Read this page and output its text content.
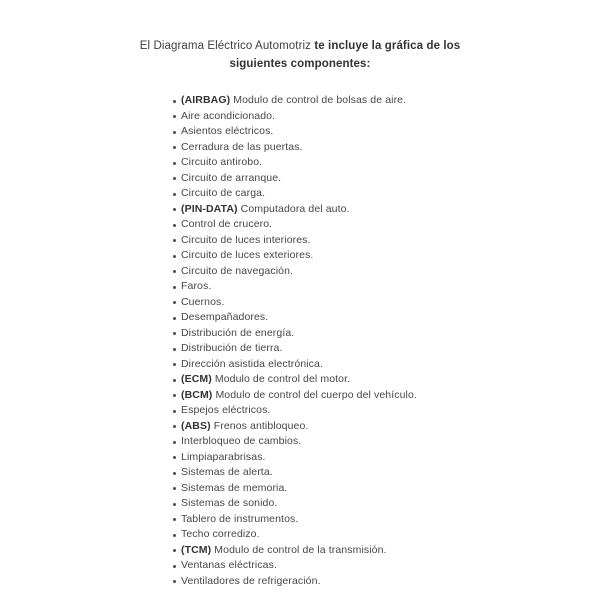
El Diagrama Eléctrico Automotriz te incluye la gráfica de los siguientes componentes:

(AIRBAG) Modulo de control de bolsas de aire.
Aire acondicionado.
Asientos eléctricos.
Cerradura de las puertas.
Circuito antirobo.
Circuito de arranque.
Circuito de carga.
(PIN-DATA) Computadora del auto.
Control de crucero.
Circuito de luces interiores.
Circuito de luces exteriores.
Circuito de navegación.
Faros.
Cuernos.
Desempañadores.
Distribución de energía.
Distribución de tierra.
Dirección asistida electrónica.
(ECM) Modulo de control del motor.
(BCM) Modulo de control del cuerpo del vehículo.
Espejos eléctricos.
(ABS) Frenos antibloqueo.
Interbloqueo de cambios.
Limpiaparabrisas.
Sistemas de alerta.
Sistemas de memoria.
Sistemas de sonido.
Tablero de instrumentos.
Techo corredizo.
(TCM) Modulo de control de la transmisión.
Ventanas eléctricas.
Ventiladores de refrigeración.
